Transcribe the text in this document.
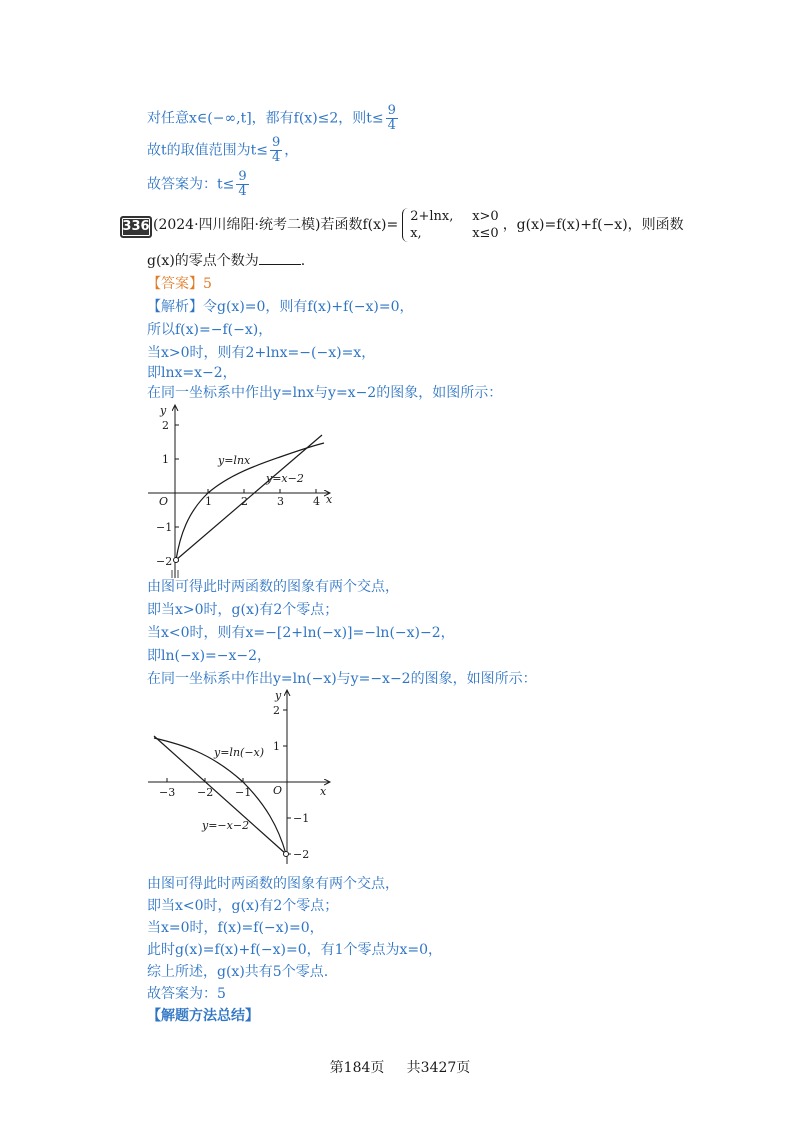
对任意x∈(−∞,t]，都有f(x)≤2，则$t\le \frac{9}{4}$
故t的取值范围为$t\le \frac{9}{4}$ ，
故答案为：$t\le \frac{9}{4}$
336 (2024·四川绵阳·统考二模)若函数f(x)=
2+lnx, x>0
x,	x≤0
，g(x)=f(x)+f(−x)，则函数
g(x)的零点个数为	.
【答案】5
【解析】令g(x)=0，则有f(x)+f(−x)=0，
所以f(x)=−f(−x)，
当x>0时，则有2+lnx=−(−x)=x，
即lnx=x−2，
在同一坐标系中作出y=lnx与y=x−2的图象，如图所示：
y
x
O	1	2	3	4
2
1
−1
−2
y=lnx
y=x−2
由图可得此时两函数的图象有两个交点，
即当x>0时，g(x)有2个零点；
当x<0时，则有x=−[2+ln(−x)]=−ln(−x)−2，
即ln(−x)=−x−2，
在同一坐标系中作出y=ln(−x)与y=−x−2的图象，如图所示：
y
x
O
−3 −2 −1
2
1
−1
−2
y=ln(−x)
y=−x−2
由图可得此时两函数的图象有两个交点，
即当x<0时，g(x)有2个零点；
当x=0时，f(x)=f(−x)=0，
此时g(x)=f(x)+f(−x)=0，有1个零点为x=0，
综上所述，g(x)共有5个零点.
故答案为：5
【解题方法总结】
第184页 共3427页
